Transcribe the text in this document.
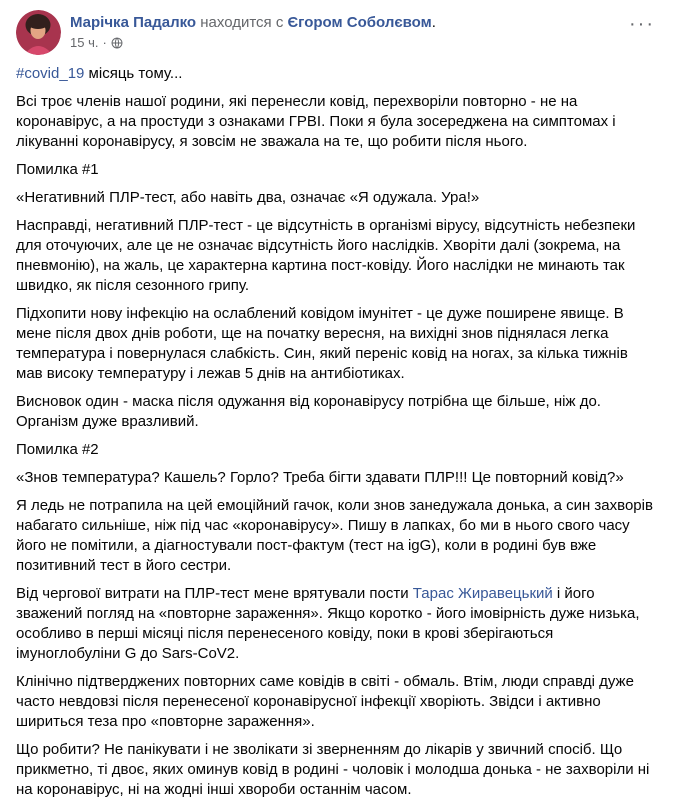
Марічка Падалко находится с Єгором Соболєвом.
15 ч. ·
···

#covid_19 місяць тому...

Всі троє членів нашої родини, які перенесли ковід, перехворіли повторно - не на коронавірус, а на простуди з ознаками ГРВІ. Поки я була зосереджена на симптомах і лікуванні коронавірусу, я зовсім не зважала на те, що робити після нього.

Помилка #1

«Негативний ПЛР-тест, або навіть два, означає «Я одужала. Ура!»

Насправді, негативний ПЛР-тест - це відсутність в організмі вірусу, відсутність небезпеки для оточуючих, але це не означає відсутність його наслідків. Хворіти далі (зокрема, на пневмонію), на жаль, це характерна картина пост-ковіду. Його наслідки не минають так швидко, як після сезонного грипу.

Підхопити нову інфекцію на ослаблений ковідом імунітет - це дуже поширене явище. В мене після двох днів роботи, ще на початку вересня, на вихідні знов піднялася легка температура і повернулася слабкість. Син, який переніс ковід на ногах, за кілька тижнів мав високу температуру і лежав 5 днів на антибіотиках.

Висновок один - маска після одужання від коронавірусу потрібна ще більше, ніж до. Організм дуже вразливий.

Помилка #2

«Знов температура? Кашель? Горло? Треба бігти здавати ПЛР!!! Це повторний ковід?»

Я ледь не потрапила на цей емоційний гачок, коли знов занедужала донька, а син захворів набагато сильніше, ніж під час «коронавірусу». Пишу в лапках, бо ми в нього свого часу його не помітили, а діагностували пост-фактум (тест на igG), коли в родині був вже позитивний тест в його сестри.

Від чергової витрати на ПЛР-тест мене врятували пости Тарас Жиравецький і його зважений погляд на «повторне зараження». Якщо коротко - його імовірність дуже низька, особливо в перші місяці після перенесеного ковіду, поки в крові зберігаються імуноглобуліни G до Sars-CoV2.

Клінічно підтверджених повторних саме ковідів в світі - обмаль. Втім, люди справді дуже часто невдовзі після перенесеної коронавірусної інфекції хворіють. Звідси і активно шириться теза про «повторне зараження».

Що робити? Не панікувати і не зволікати зі зверненням до лікарів у звичний спосіб. Що прикметно, ті двоє, яких оминув ковід в родині - чоловік і молодша донька - не захворіли ні на коронавірус, ні на жодні інші хвороби останнім часом.
